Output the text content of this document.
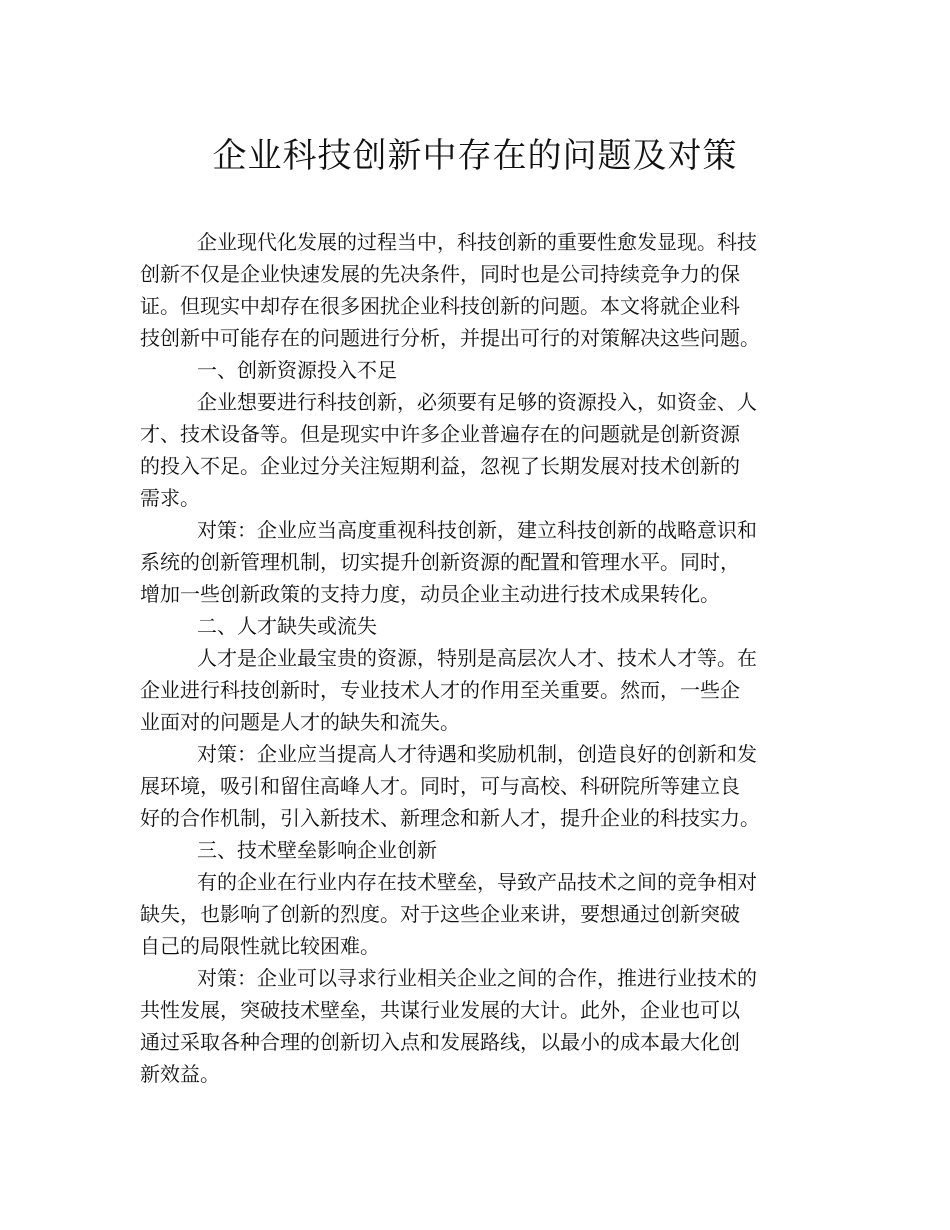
企业科技创新中存在的问题及对策
企业现代化发展的过程当中，科技创新的重要性愈发显现。科技
创新不仅是企业快速发展的先决条件，同时也是公司持续竞争力的保
证。但现实中却存在很多困扰企业科技创新的问题。本文将就企业科
技创新中可能存在的问题进行分析，并提出可行的对策解决这些问题。
一、创新资源投入不足
企业想要进行科技创新，必须要有足够的资源投入，如资金、人
才、技术设备等。但是现实中许多企业普遍存在的问题就是创新资源
的投入不足。企业过分关注短期利益，忽视了长期发展对技术创新的
需求。
对策：企业应当高度重视科技创新，建立科技创新的战略意识和
系统的创新管理机制，切实提升创新资源的配置和管理水平。同时，
增加一些创新政策的支持力度，动员企业主动进行技术成果转化。
二、人才缺失或流失
人才是企业最宝贵的资源，特别是高层次人才、技术人才等。在
企业进行科技创新时，专业技术人才的作用至关重要。然而，一些企
业面对的问题是人才的缺失和流失。
对策：企业应当提高人才待遇和奖励机制，创造良好的创新和发
展环境，吸引和留住高峰人才。同时，可与高校、科研院所等建立良
好的合作机制，引入新技术、新理念和新人才，提升企业的科技实力。
三、技术壁垒影响企业创新
有的企业在行业内存在技术壁垒，导致产品技术之间的竞争相对
缺失，也影响了创新的烈度。对于这些企业来讲，要想通过创新突破
自己的局限性就比较困难。
对策：企业可以寻求行业相关企业之间的合作，推进行业技术的
共性发展，突破技术壁垒，共谋行业发展的大计。此外，企业也可以
通过采取各种合理的创新切入点和发展路线，以最小的成本最大化创
新效益。
